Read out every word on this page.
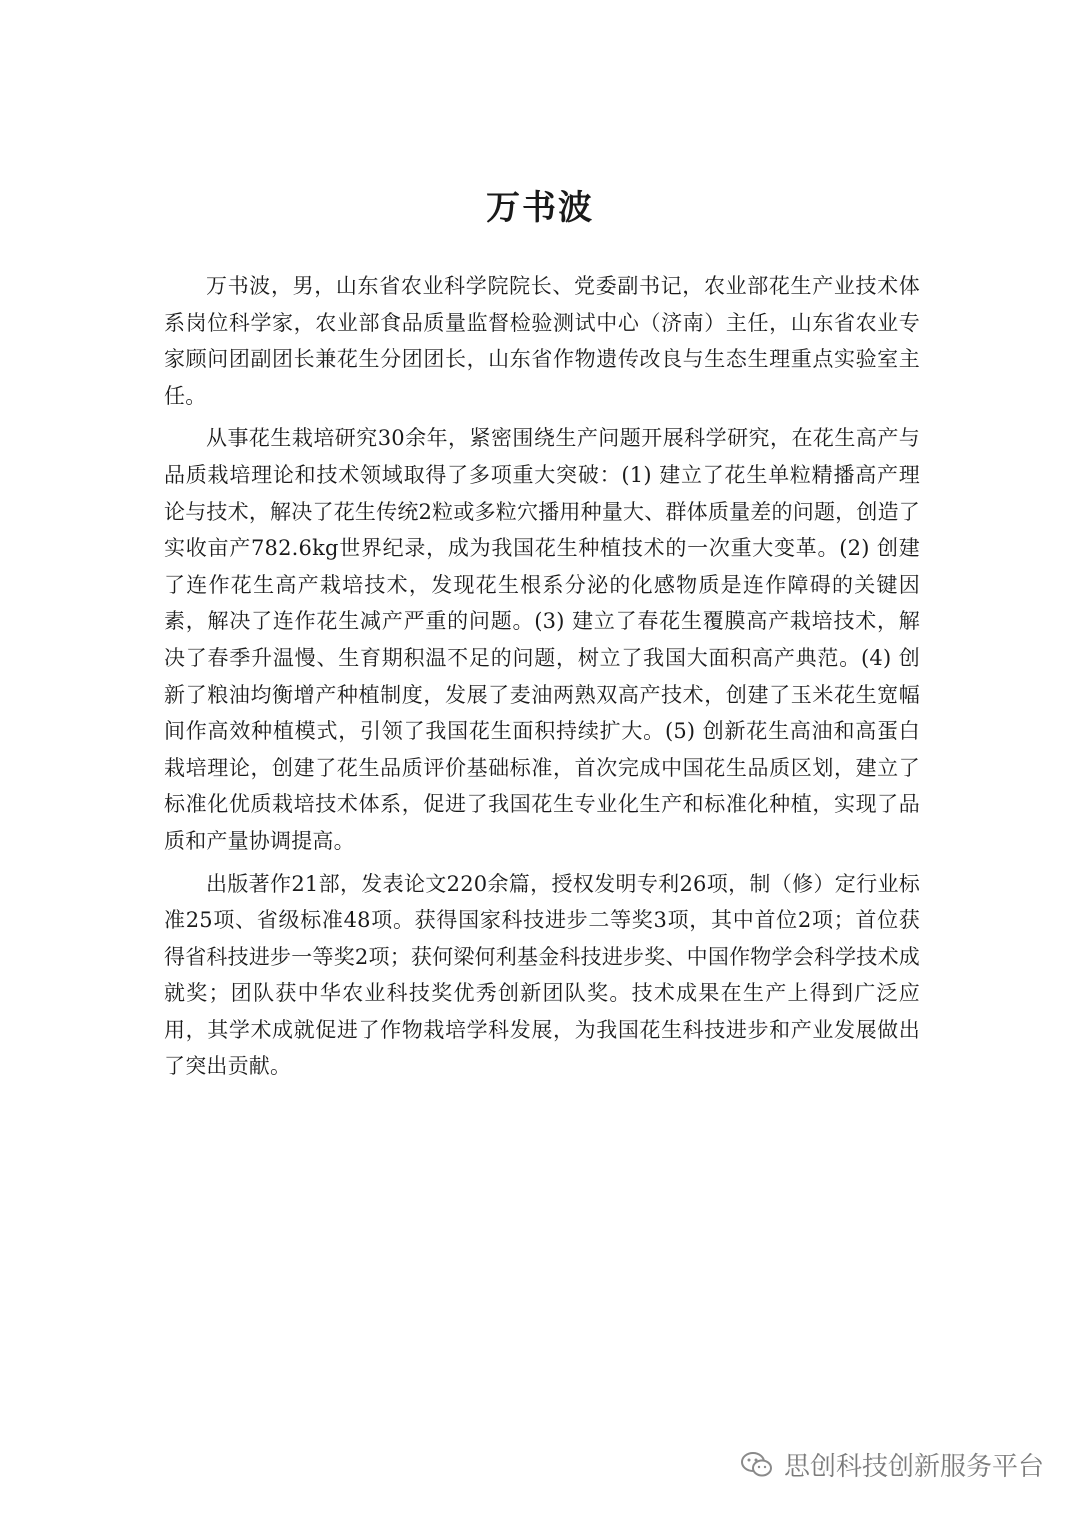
万书波

万书波，男，山东省农业科学院院长、党委副书记，农业部花生产业技术体系岗位科学家，农业部食品质量监督检验测试中心（济南）主任，山东省农业专家顾问团副团长兼花生分团团长，山东省作物遗传改良与生态生理重点实验室主任。

从事花生栽培研究30余年，紧密围绕生产问题开展科学研究，在花生高产与品质栽培理论和技术领域取得了多项重大突破：(1) 建立了花生单粒精播高产理论与技术，解决了花生传统2粒或多粒穴播用种量大、群体质量差的问题，创造了实收亩产782.6kg世界纪录，成为我国花生种植技术的一次重大变革。(2) 创建了连作花生高产栽培技术，发现花生根系分泌的化感物质是连作障碍的关键因素，解决了连作花生减产严重的问题。(3) 建立了春花生覆膜高产栽培技术，解决了春季升温慢、生育期积温不足的问题，树立了我国大面积高产典范。(4) 创新了粮油均衡增产种植制度，发展了麦油两熟双高产技术，创建了玉米花生宽幅间作高效种植模式，引领了我国花生面积持续扩大。(5) 创新花生高油和高蛋白栽培理论，创建了花生品质评价基础标准，首次完成中国花生品质区划，建立了标准化优质栽培技术体系，促进了我国花生专业化生产和标准化种植，实现了品质和产量协调提高。

出版著作21部，发表论文220余篇，授权发明专利26项，制（修）定行业标准25项、省级标准48项。获得国家科技进步二等奖3项，其中首位2项；首位获得省科技进步一等奖2项；获何梁何利基金科技进步奖、中国作物学会科学技术成就奖；团队获中华农业科技奖优秀创新团队奖。技术成果在生产上得到广泛应用，其学术成就促进了作物栽培学科发展，为我国花生科技进步和产业发展做出了突出贡献。

思创科技创新服务平台
